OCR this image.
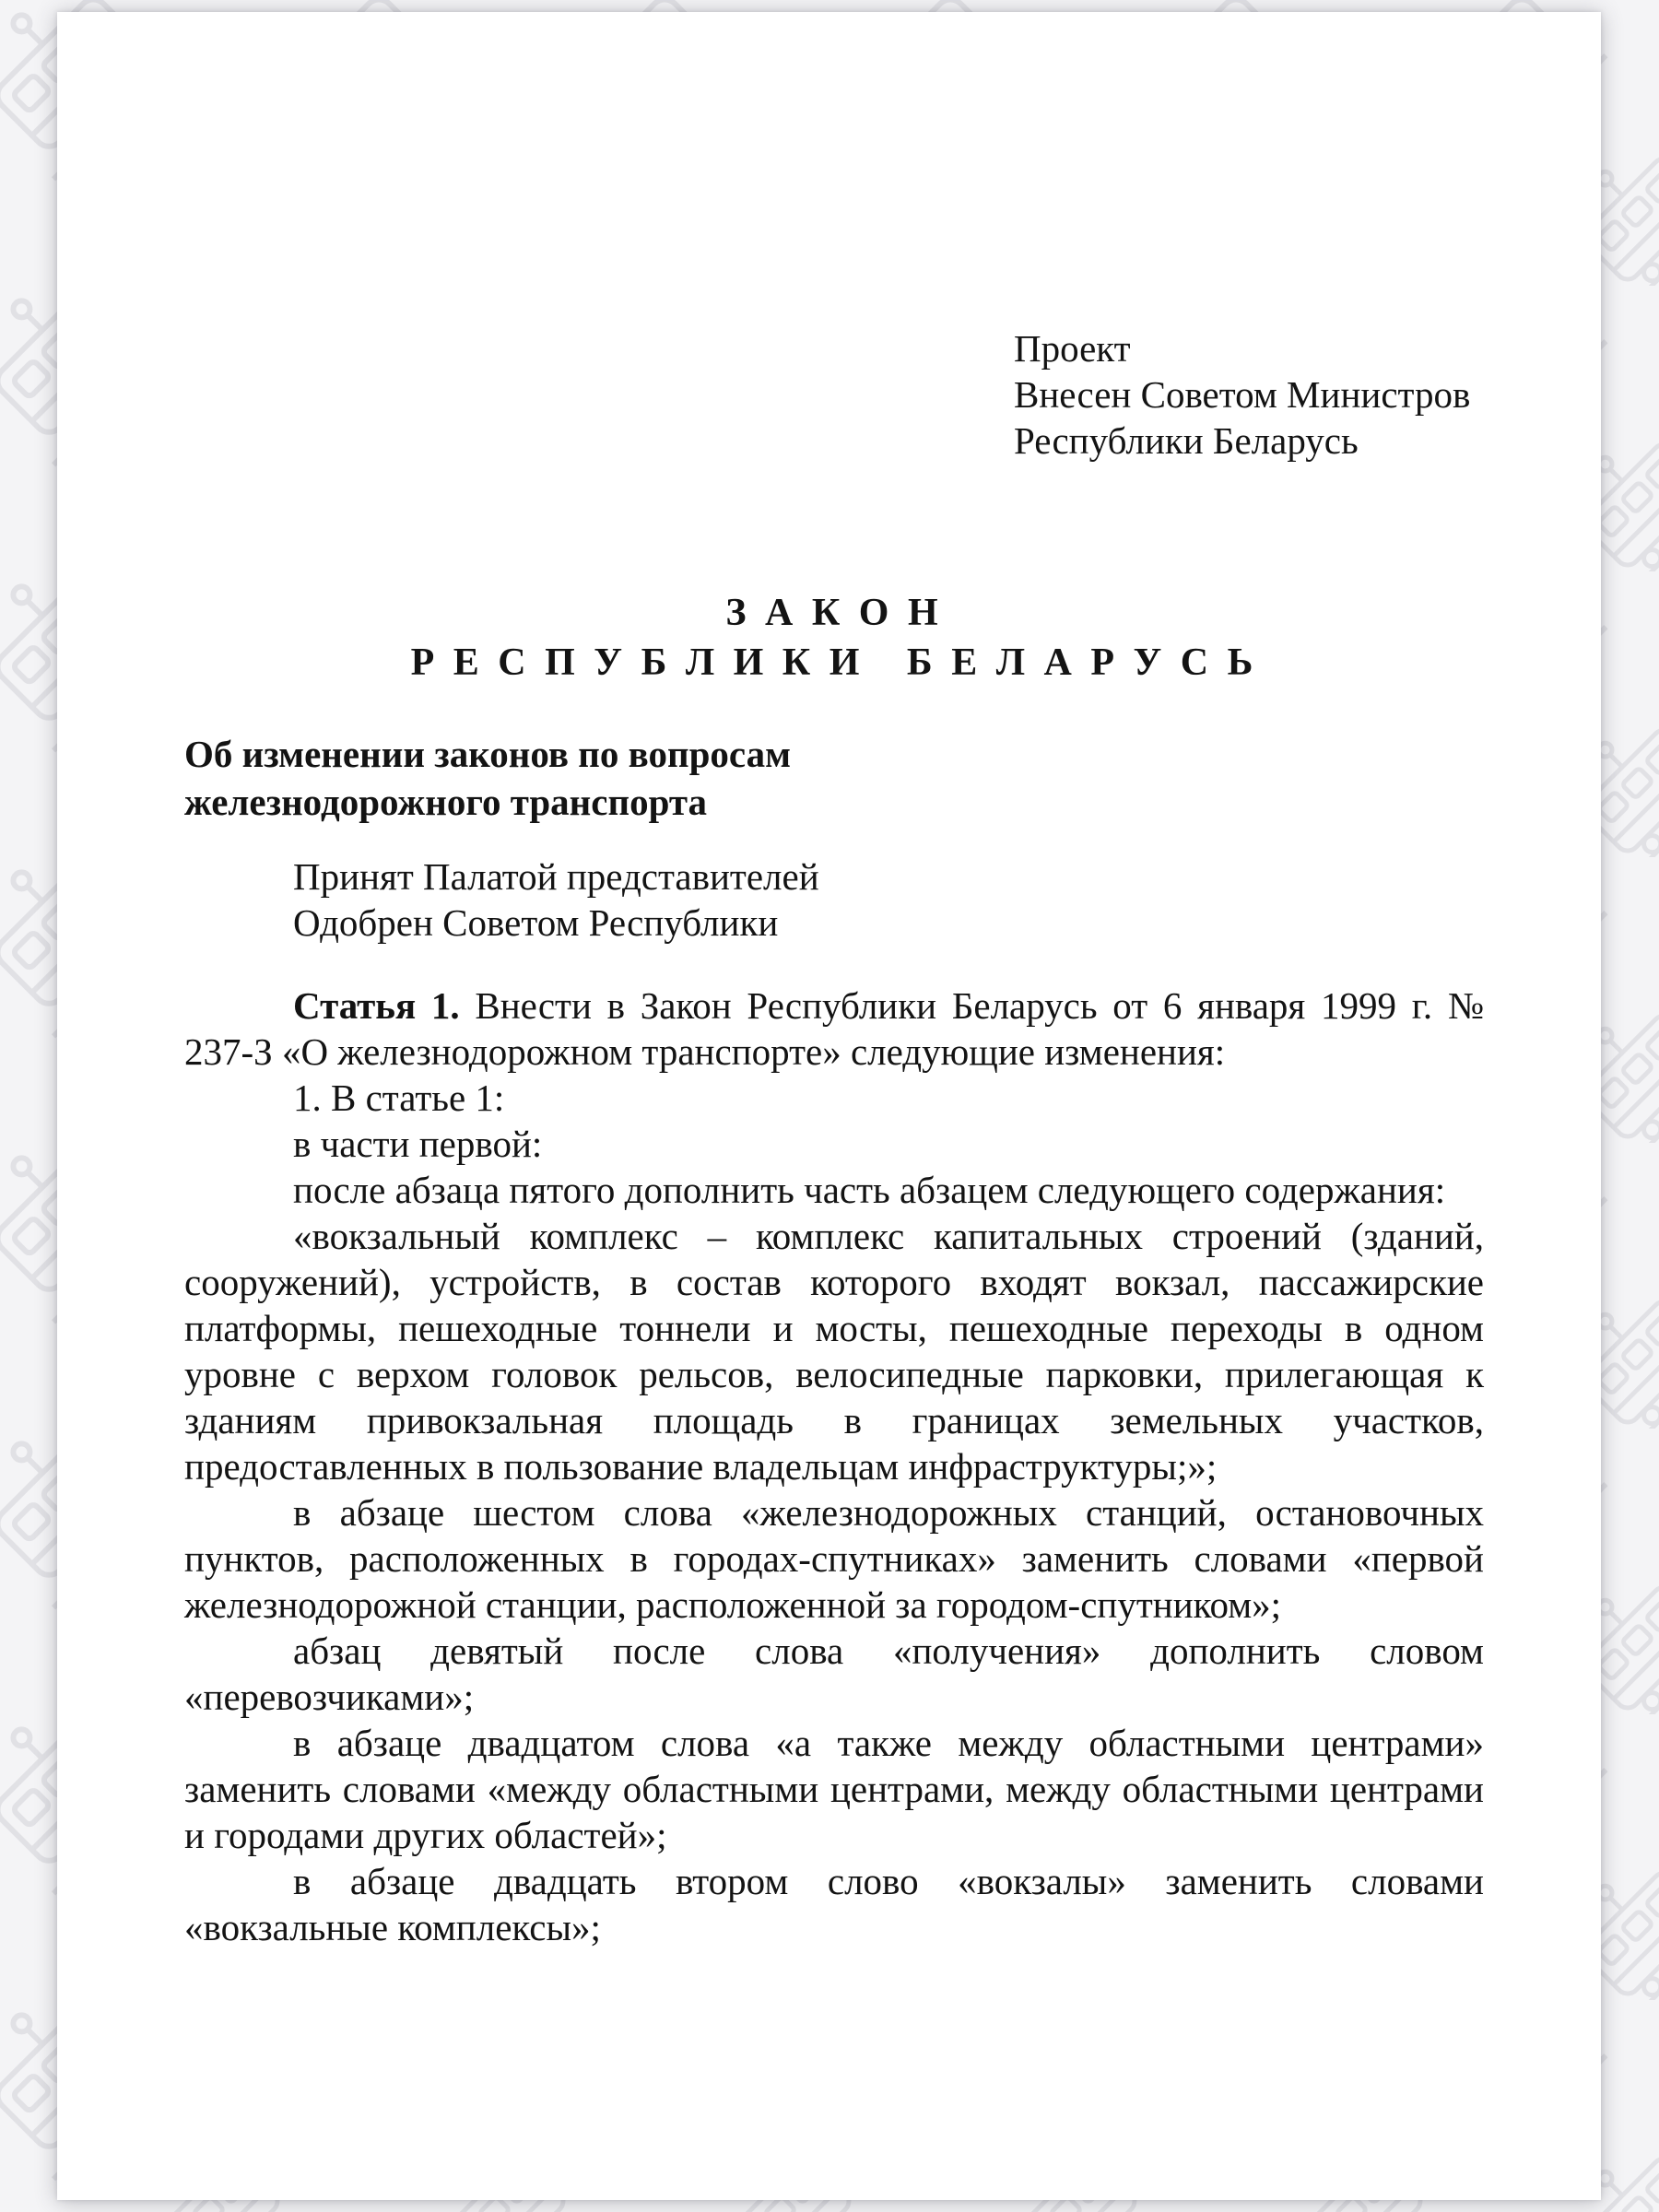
Проект
Внесен Советом Министров
Республики Беларусь
З А К О Н
Р Е С П У Б Л И К И   Б Е Л А Р У С Ь
Об изменении законов по вопросам
железнодорожного транспорта
Принят Палатой представителей
Одобрен Советом Республики

Статья 1. Внести в Закон Республики Беларусь от 6 января 1999 г. № 237-З «О железнодорожном транспорте» следующие изменения:

1. В статье 1:

в части первой:

после абзаца пятого дополнить часть абзацем следующего содержания:

«вокзальный комплекс – комплекс капитальных строений (зданий, сооружений), устройств, в состав которого входят вокзал, пассажирские платформы, пешеходные тоннели и мосты, пешеходные переходы в одном уровне с верхом головок рельсов, велосипедные парковки, прилегающая к зданиям привокзальная площадь в границах земельных участков, предоставленных в пользование владельцам инфраструктуры;»;

в абзаце шестом слова «железнодорожных станций, остановочных пунктов, расположенных в городах-спутниках» заменить словами «первой железнодорожной станции, расположенной за городом-спутником»;

абзац девятый после слова «получения» дополнить словом «перевозчиками»;

в абзаце двадцатом слова «а также между областными центрами» заменить словами «между областными центрами, между областными центрами и городами других областей»;

в абзаце двадцать втором слово «вокзалы» заменить словами «вокзальные комплексы»;
